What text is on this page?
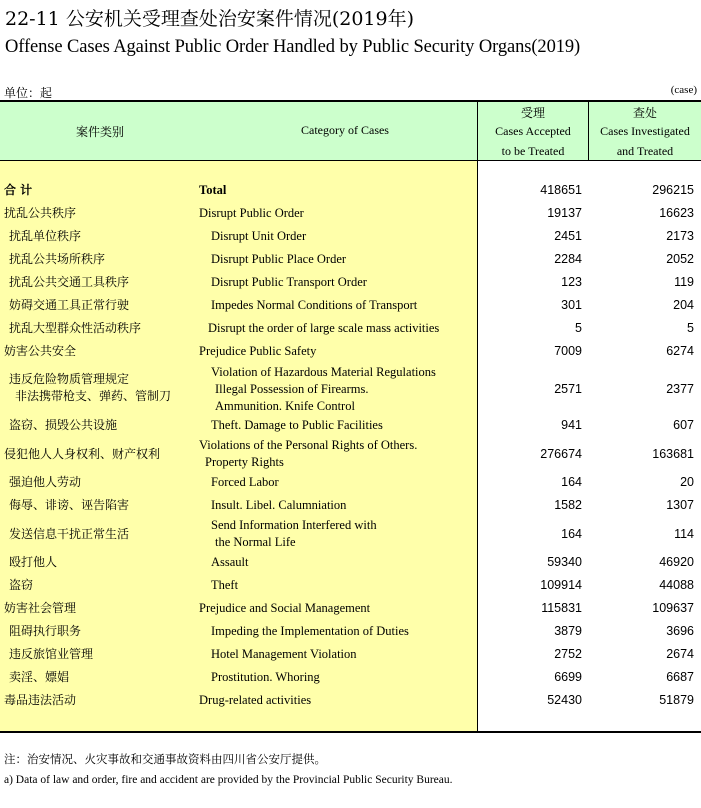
22-11 公安机关受理查处治安案件情况(2019年)
Offense Cases Against Public Order Handled by Public Security Organs(2019)
单位：起	(case)
案件类别	Category of Cases
受理
Cases Accepted
to be Treated
查处
Cases Investigated
and Treated
合 计	Total	418651	296215
扰乱公共秩序	Disrupt Public Order	19137	16623
扰乱单位秩序	Disrupt Unit Order	2451	2173
扰乱公共场所秩序	Disrupt Public Place Order	2284	2052
扰乱公共交通工具秩序	Disrupt Public Transport Order	123	119
妨碍交通工具正常行驶	Impedes Normal Conditions of Transport	301	204
扰乱大型群众性活动秩序	Disrupt the order of large scale mass activities	5	5
妨害公共安全	Prejudice Public Safety	7009	6274
违反危险物质管理规定
非法携带枪支、弹药、管制刀
Violation of Hazardous Material Regulations
Illegal Possession of Firearms.
Ammunition. Knife Control
2571	2377
盗窃、损毁公共设施	Theft. Damage to Public Facilities	941	607
侵犯他人人身权利、财产权利
Violations of the Personal Rights of Others.
Property Rights
276674	163681
强迫他人劳动	Forced Labor	164	20
侮辱、诽谤、诬告陷害	Insult. Libel. Calumniation	1582	1307
发送信息干扰正常生活
Send Information Interfered with
the Normal Life
164	114
殴打他人	Assault	59340	46920
盗窃	Theft	109914	44088
妨害社会管理	Prejudice and Social Management	115831	109637
阻碍执行职务	Impeding the Implementation of Duties	3879	3696
违反旅馆业管理	Hotel Management Violation	2752	2674
卖淫、嫖娼	Prostitution. Whoring	6699	6687
毒品违法活动	Drug-related activities	52430	51879
注：治安情况、火灾事故和交通事故资料由四川省公安厅提供。
a) Data of law and order, fire and accident are provided by the Provincial Public Security Bureau.
